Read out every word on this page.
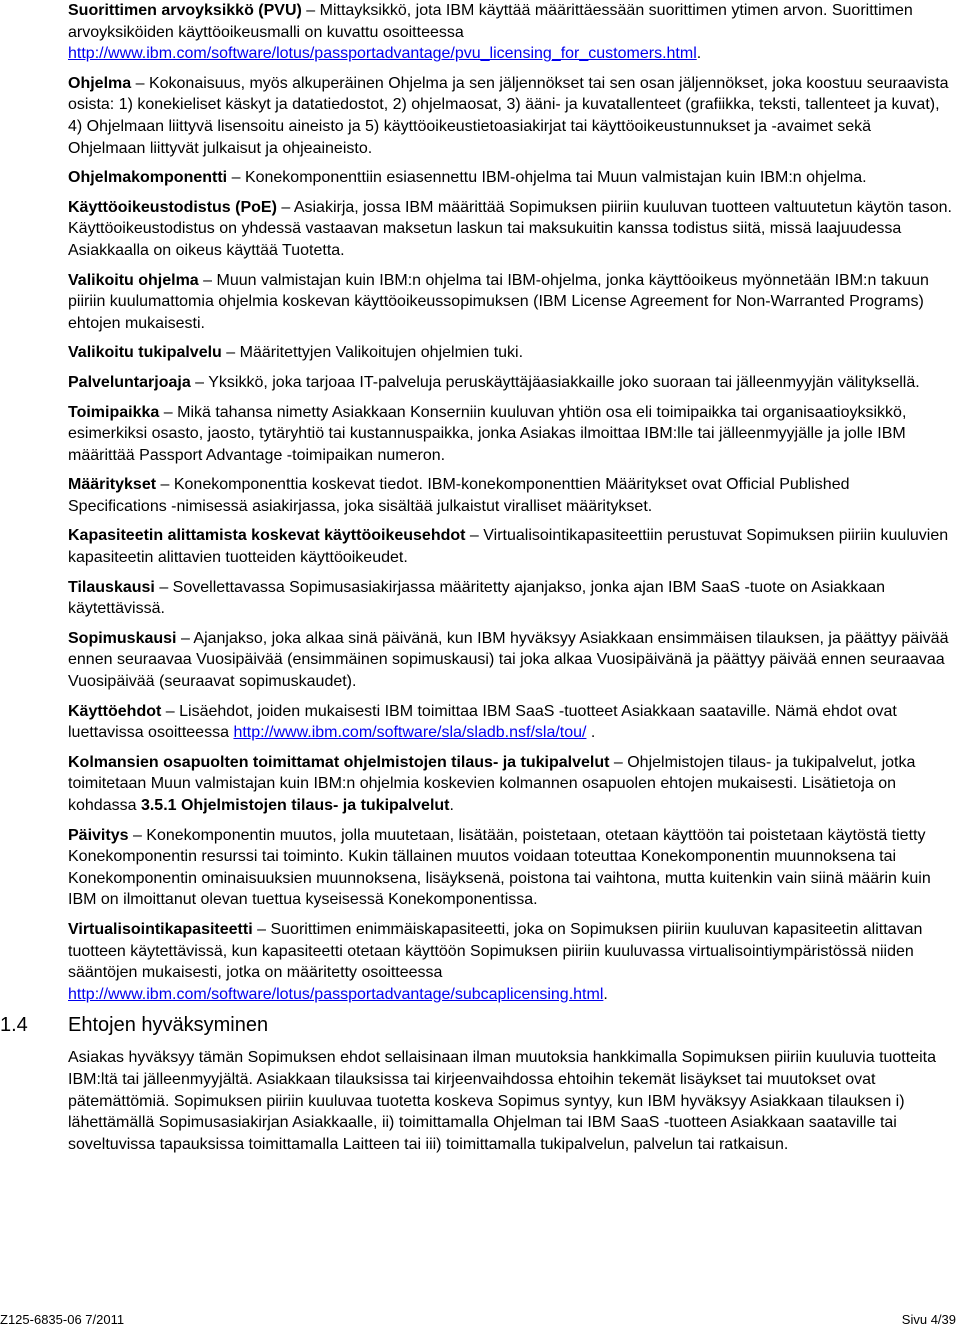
Suorittimen arvoyksikkö (PVU) – Mittayksikkö, jota IBM käyttää määrittäessään suorittimen ytimen arvon. Suorittimen arvoyksiköiden käyttöoikeusmalli on kuvattu osoitteessa http://www.ibm.com/software/lotus/passportadvantage/pvu_licensing_for_customers.html.

Ohjelma – Kokonaisuus, myös alkuperäinen Ohjelma ja sen jäljennökset tai sen osan jäljennökset, joka koostuu seuraavista osista: 1) konekieliset käskyt ja datatiedostot, 2) ohjelmaosat, 3) ääni- ja kuvatallenteet (grafiikka, teksti, tallenteet ja kuvat), 4) Ohjelmaan liittyvä lisensoitu aineisto ja 5) käyttöoikeustietoasiakirjat tai käyttöoikeustunnukset ja -avaimet sekä Ohjelmaan liittyvät julkaisut ja ohjeaineisto.

Ohjelmakomponentti – Konekomponenttiin esiasennettu IBM-ohjelma tai Muun valmistajan kuin IBM:n ohjelma.

Käyttöoikeustodistus (PoE) – Asiakirja, jossa IBM määrittää Sopimuksen piiriin kuuluvan tuotteen valtuutetun käytön tason. Käyttöoikeustodistus on yhdessä vastaavan maksetun laskun tai maksukuitin kanssa todistus siitä, missä laajuudessa Asiakkaalla on oikeus käyttää Tuotetta.

Valikoitu ohjelma – Muun valmistajan kuin IBM:n ohjelma tai IBM-ohjelma, jonka käyttöoikeus myönnetään IBM:n takuun piiriin kuulumattomia ohjelmia koskevan käyttöoikeussopimuksen (IBM License Agreement for Non-Warranted Programs) ehtojen mukaisesti.

Valikoitu tukipalvelu – Määritettyjen Valikoitujen ohjelmien tuki.

Palveluntarjoaja – Yksikkö, joka tarjoaa IT-palveluja peruskäyttäjäasiakkaille joko suoraan tai jälleenmyyjän välityksellä.

Toimipaikka – Mikä tahansa nimetty Asiakkaan Konserniin kuuluvan yhtiön osa eli toimipaikka tai organisaatioyksikkö, esimerkiksi osasto, jaosto, tytäryhtiö tai kustannuspaikka, jonka Asiakas ilmoittaa IBM:lle tai jälleenmyyjälle ja jolle IBM määrittää Passport Advantage -toimipaikan numeron.

Määritykset – Konekomponenttia koskevat tiedot. IBM-konekomponenttien Määritykset ovat Official Published Specifications -nimisessä asiakirjassa, joka sisältää julkaistut viralliset määritykset.

Kapasiteetin alittamista koskevat käyttöoikeusehdot – Virtualisointikapasiteettiin perustuvat Sopimuksen piiriin kuuluvien kapasiteetin alittavien tuotteiden käyttöoikeudet.

Tilauskausi – Sovellettavassa Sopimusasiakirjassa määritetty ajanjakso, jonka ajan IBM SaaS -tuote on Asiakkaan käytettävissä.

Sopimuskausi – Ajanjakso, joka alkaa sinä päivänä, kun IBM hyväksyy Asiakkaan ensimmäisen tilauksen, ja päättyy päivää ennen seuraavaa Vuosipäivää (ensimmäinen sopimuskausi) tai joka alkaa Vuosipäivänä ja päättyy päivää ennen seuraavaa Vuosipäivää (seuraavat sopimuskaudet).

Käyttöehdot – Lisäehdot, joiden mukaisesti IBM toimittaa IBM SaaS -tuotteet Asiakkaan saataville. Nämä ehdot ovat luettavissa osoitteessa http://www.ibm.com/software/sla/sladb.nsf/sla/tou/ .

Kolmansien osapuolten toimittamat ohjelmistojen tilaus- ja tukipalvelut – Ohjelmistojen tilaus- ja tukipalvelut, jotka toimitetaan Muun valmistajan kuin IBM:n ohjelmia koskevien kolmannen osapuolen ehtojen mukaisesti. Lisätietoja on kohdassa 3.5.1 Ohjelmistojen tilaus- ja tukipalvelut.

Päivitys – Konekomponentin muutos, jolla muutetaan, lisätään, poistetaan, otetaan käyttöön tai poistetaan käytöstä tietty Konekomponentin resurssi tai toiminto. Kukin tällainen muutos voidaan toteuttaa Konekomponentin muunnoksena tai Konekomponentin ominaisuuksien muunnoksena, lisäyksenä, poistona tai vaihtona, mutta kuitenkin vain siinä määrin kuin IBM on ilmoittanut olevan tuettua kyseisessä Konekomponentissa.

Virtualisointikapasiteetti – Suorittimen enimmäiskapasiteetti, joka on Sopimuksen piiriin kuuluvan kapasiteetin alittavan tuotteen käytettävissä, kun kapasiteetti otetaan käyttöön Sopimuksen piiriin kuuluvassa virtualisointiympäristössä niiden sääntöjen mukaisesti, jotka on määritetty osoitteessa http://www.ibm.com/software/lotus/passportadvantage/subcaplicensing.html.

1.4 Ehtojen hyväksyminen

Asiakas hyväksyy tämän Sopimuksen ehdot sellaisinaan ilman muutoksia hankkimalla Sopimuksen piiriin kuuluvia tuotteita IBM:ltä tai jälleenmyyjältä. Asiakkaan tilauksissa tai kirjeenvaihdossa ehtoihin tekemät lisäykset tai muutokset ovat pätemättömiä. Sopimuksen piiriin kuuluvaa tuotetta koskeva Sopimus syntyy, kun IBM hyväksyy Asiakkaan tilauksen i) lähettämällä Sopimusasiakirjan Asiakkaalle, ii) toimittamalla Ohjelman tai IBM SaaS -tuotteen Asiakkaan saataville tai soveltuvissa tapauksissa toimittamalla Laitteen tai iii) toimittamalla tukipalvelun, palvelun tai ratkaisun.

Z125-6835-06 7/2011	Sivu 4/39
